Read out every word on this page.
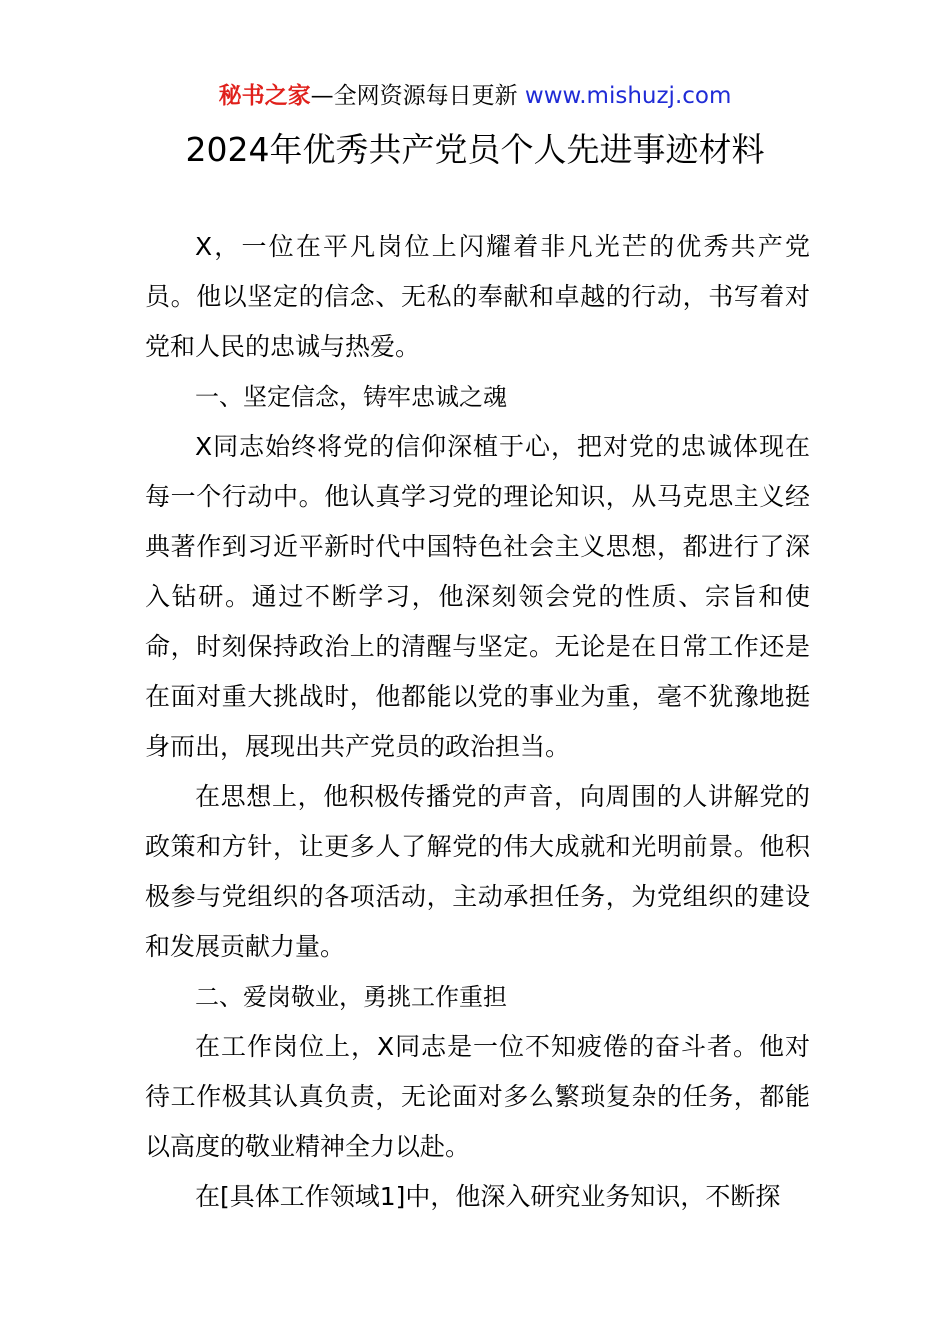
秘书之家—全网资源每日更新 www.mishuzj.com
2024年优秀共产党员个人先进事迹材料

X，一位在平凡岗位上闪耀着非凡光芒的优秀共产党员。他以坚定的信念、无私的奉献和卓越的行动，书写着对党和人民的忠诚与热爱。

一、坚定信念，铸牢忠诚之魂

X同志始终将党的信仰深植于心，把对党的忠诚体现在每一个行动中。他认真学习党的理论知识，从马克思主义经典著作到习近平新时代中国特色社会主义思想，都进行了深入钻研。通过不断学习，他深刻领会党的性质、宗旨和使命，时刻保持政治上的清醒与坚定。无论是在日常工作还是在面对重大挑战时，他都能以党的事业为重，毫不犹豫地挺身而出，展现出共产党员的政治担当。

在思想上，他积极传播党的声音，向周围的人讲解党的政策和方针，让更多人了解党的伟大成就和光明前景。他积极参与党组织的各项活动，主动承担任务，为党组织的建设和发展贡献力量。

二、爱岗敬业，勇挑工作重担

在工作岗位上，X同志是一位不知疲倦的奋斗者。他对待工作极其认真负责，无论面对多么繁琐复杂的任务，都能以高度的敬业精神全力以赴。

在[具体工作领域1]中，他深入研究业务知识，不断探
